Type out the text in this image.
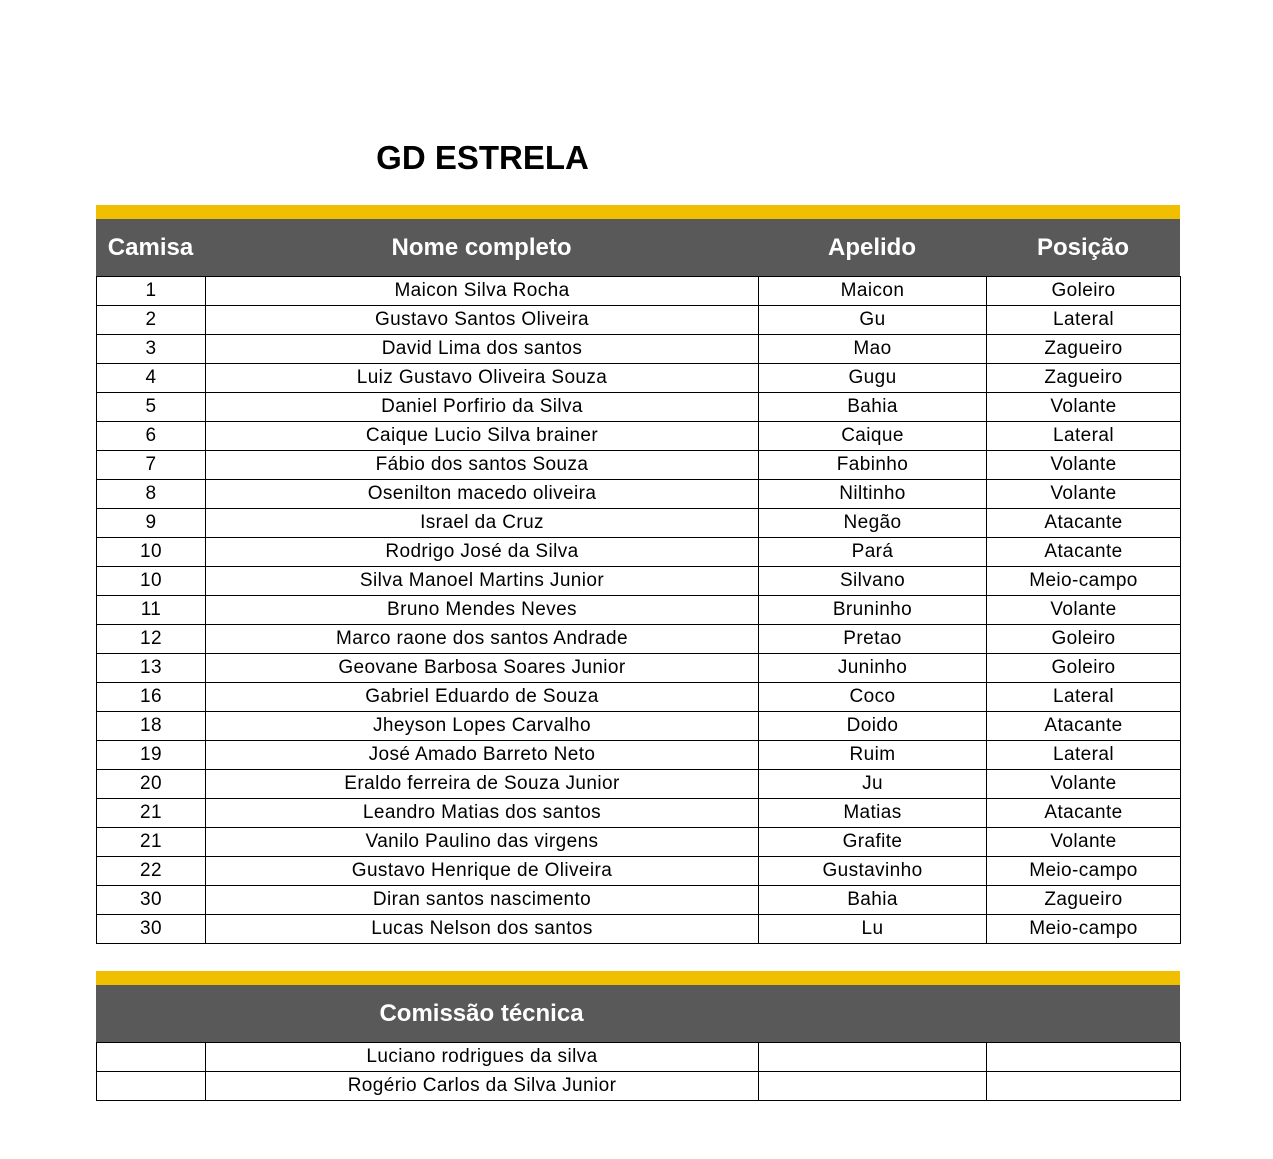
GD ESTRELA
Camisa	Nome completo	Apelido	Posição
1	Maicon Silva Rocha	Maicon	Goleiro
2	Gustavo Santos Oliveira	Gu	Lateral
3	David Lima dos santos	Mao	Zagueiro
4	Luiz Gustavo Oliveira Souza	Gugu	Zagueiro
5	Daniel Porfirio da Silva	Bahia	Volante
6	Caique Lucio Silva brainer	Caique	Lateral
7	Fábio dos santos Souza	Fabinho	Volante
8	Osenilton macedo oliveira	Niltinho	Volante
9	Israel da Cruz	Negão	Atacante
10	Rodrigo José da Silva	Pará	Atacante
10	Silva Manoel Martins Junior	Silvano	Meio-campo
11	Bruno Mendes Neves	Bruninho	Volante
12	Marco raone dos santos Andrade	Pretao	Goleiro
13	Geovane Barbosa Soares Junior	Juninho	Goleiro
16	Gabriel Eduardo de Souza	Coco	Lateral
18	Jheyson Lopes Carvalho	Doido	Atacante
19	José Amado Barreto Neto	Ruim	Lateral
20	Eraldo ferreira de Souza Junior	Ju	Volante
21	Leandro Matias dos santos	Matias	Atacante
21	Vanilo Paulino das virgens	Grafite	Volante
22	Gustavo Henrique de Oliveira	Gustavinho	Meio-campo
30	Diran santos nascimento	Bahia	Zagueiro
30	Lucas Nelson dos santos	Lu	Meio-campo
Comissão técnica
	Luciano rodrigues da silva		
	Rogério Carlos da Silva Junior		
